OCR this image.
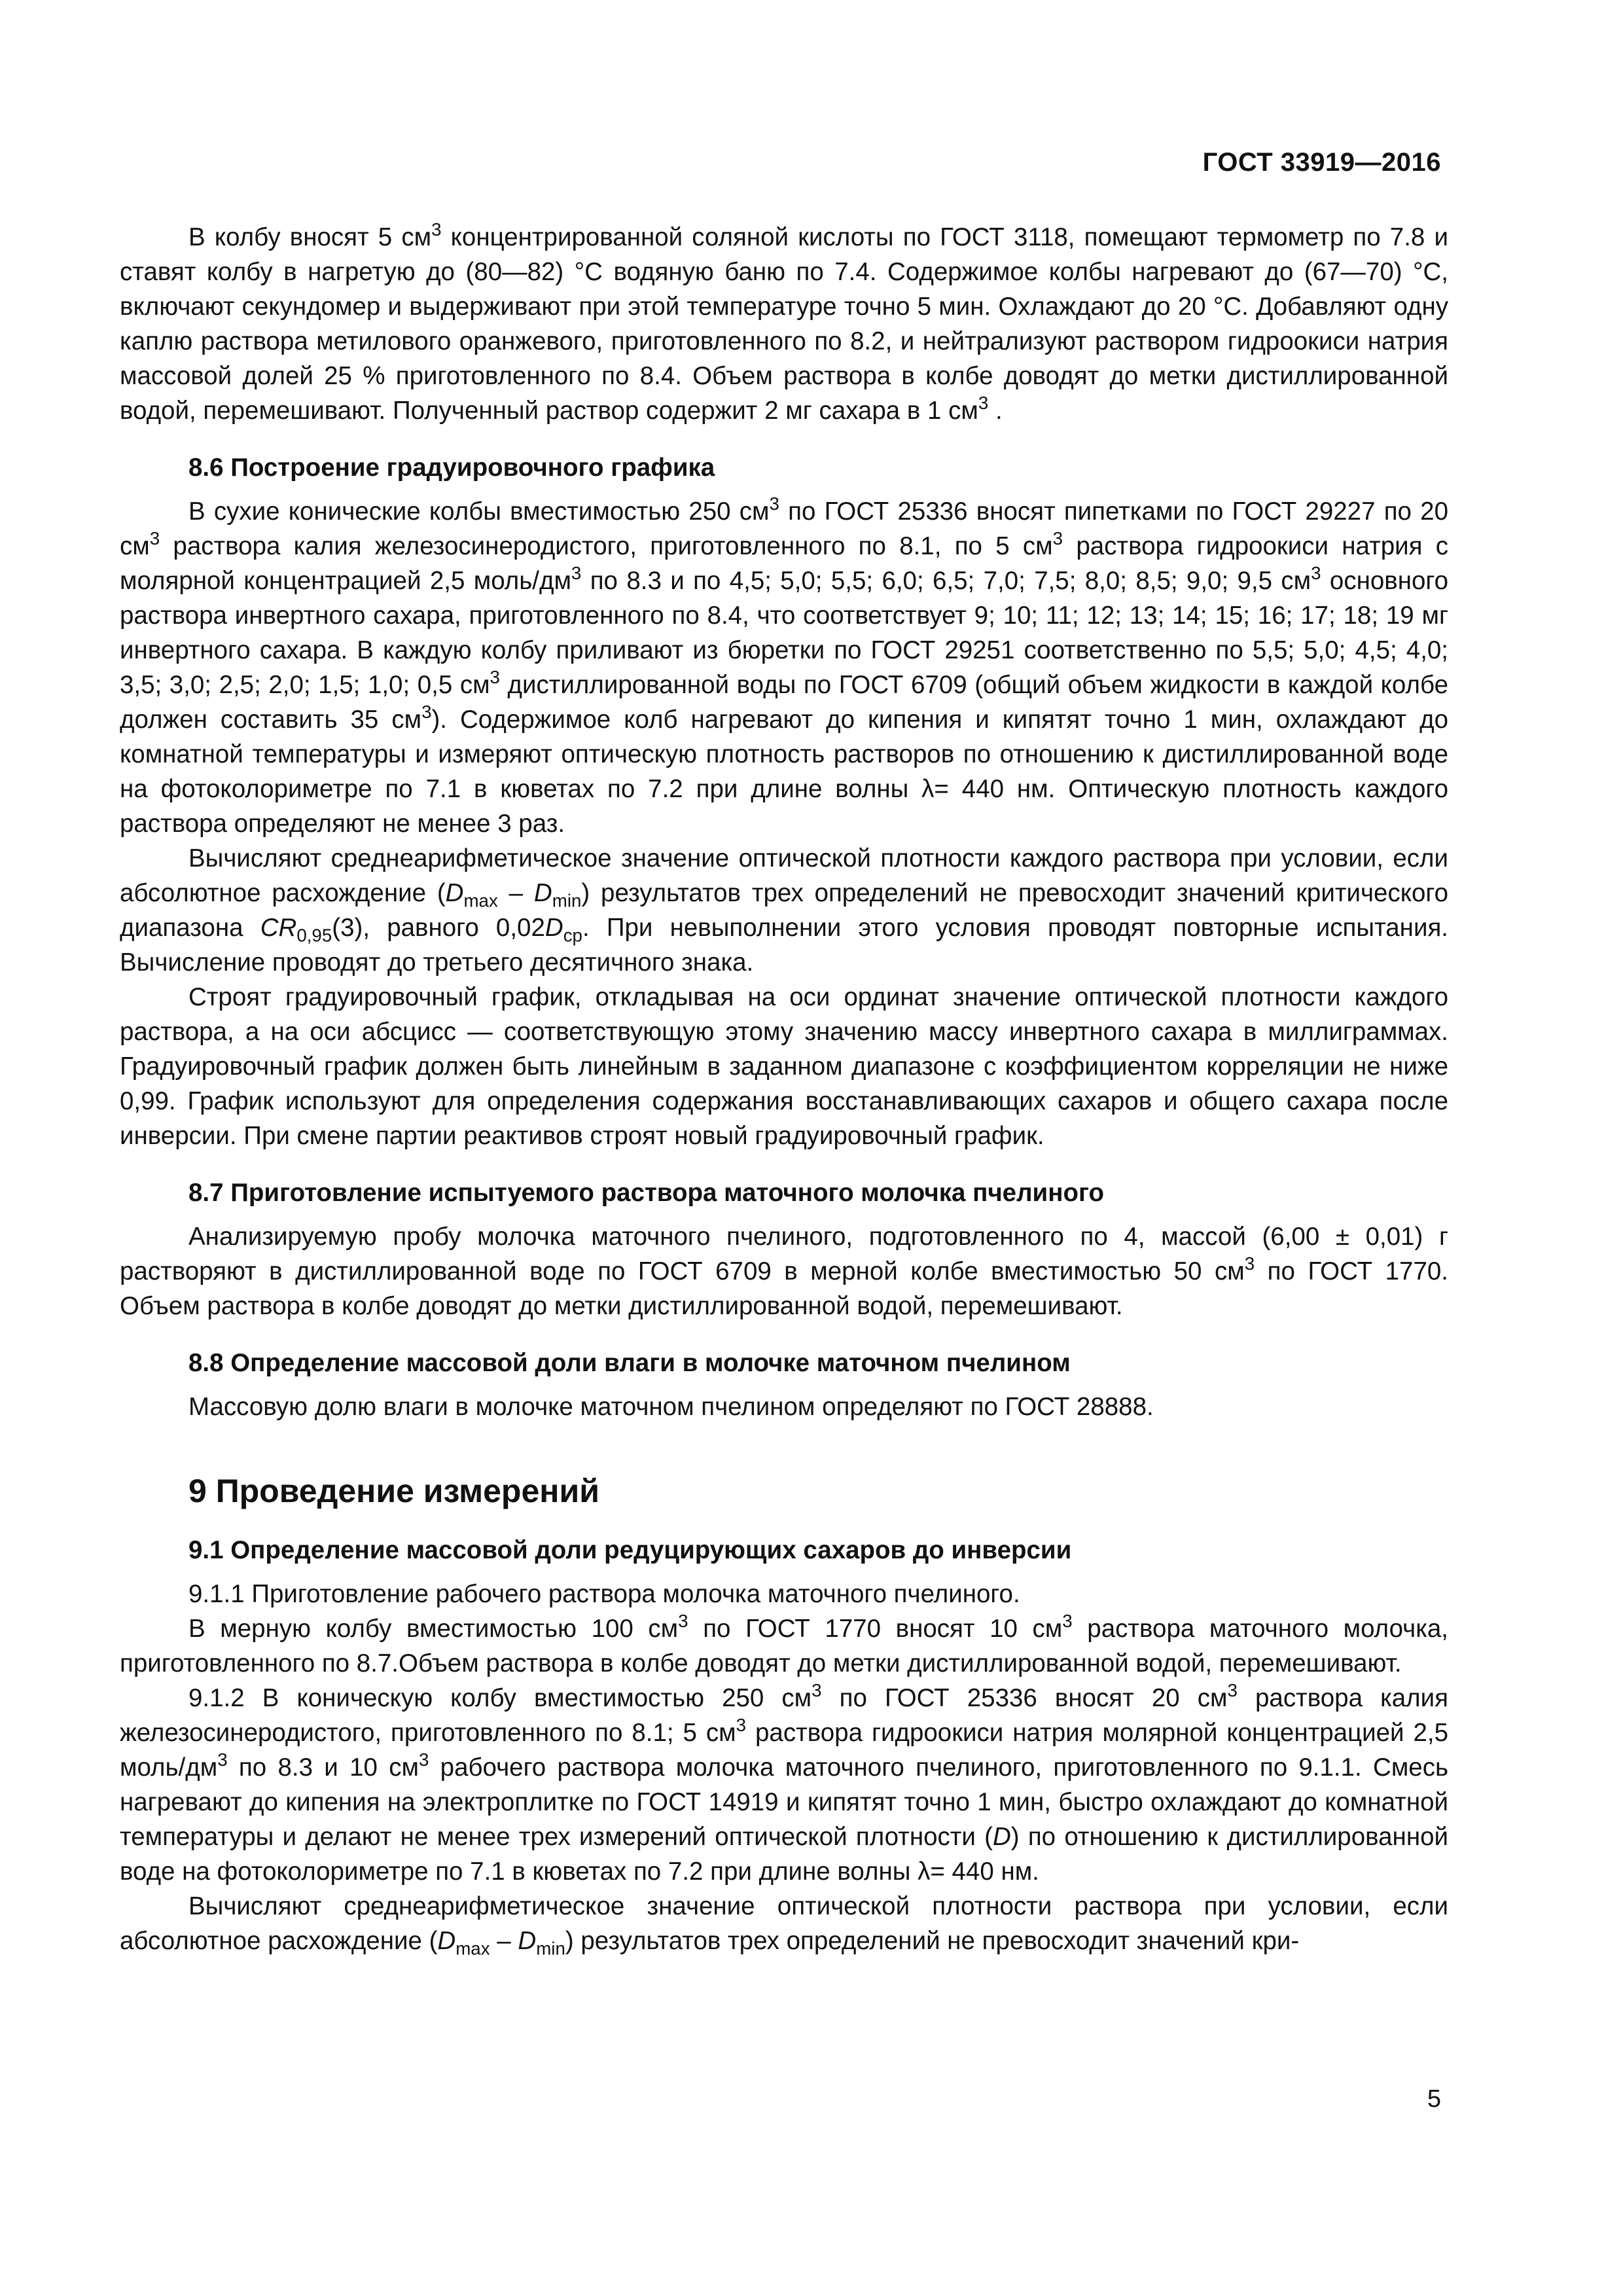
ГОСТ 33919—2016

В колбу вносят 5 $см^3$ концентрированной соляной кислоты по ГОСТ 3118, помещают термометр по 7.8 и ставят колбу в нагретую до (80—82) °С водяную баню по 7.4. Содержимое колбы нагревают до (67—70) °С, включают секундомер и выдерживают при этой температуре точно 5 мин. Охлаждают до 20 °С. Добавляют одну каплю раствора метилового оранжевого, приготовленного по 8.2, и нейтрализуют раствором гидроокиси натрия массовой долей 25 % приготовленного по 8.4. Объем раствора в колбе доводят до метки дистиллированной водой, перемешивают. Полученный раствор содержит 2 мг сахара в 1 $см^3$ .

8.6 Построение градуировочного графика

В сухие конические колбы вместимостью 250 $см^3$ по ГОСТ 25336 вносят пипетками по ГОСТ 29227 по 20 $см^3$ раствора калия железосинеродистого, приготовленного по 8.1, по 5 $см^3$ раствора гидроокиси натрия с молярной концентрацией 2,5 моль/$дм^3$ по 8.3 и по 4,5; 5,0; 5,5; 6,0; 6,5; 7,0; 7,5; 8,0; 8,5; 9,0; 9,5 $см^3$ основного раствора инвертного сахара, приготовленного по 8.4, что соответствует 9; 10; 11; 12; 13; 14; 15; 16; 17; 18; 19 мг инвертного сахара. В каждую колбу приливают из бюретки по ГОСТ 29251 соответственно по 5,5; 5,0; 4,5; 4,0; 3,5; 3,0; 2,5; 2,0; 1,5; 1,0; 0,5 $см^3$ дистиллированной воды по ГОСТ 6709 (общий объем жидкости в каждой колбе должен составить 35 $см^3$). Содержимое колб нагревают до кипения и кипятят точно 1 мин, охлаждают до комнатной температуры и измеряют оптическую плотность растворов по отношению к дистиллированной воде на фотоколориметре по 7.1 в кюветах по 7.2 при длине волны λ= 440 нм. Оптическую плотность каждого раствора определяют не менее 3 раз.

Вычисляют среднеарифметическое значение оптической плотности каждого раствора при условии, если абсолютное расхождение $(D_{max} - D_{min})$ результатов трех определений не превосходит значений критического диапазона $CR_{0,95}(3)$, равного $0,02D_{ср}$. При невыполнении этого условия проводят повторные испытания. Вычисление проводят до третьего десятичного знака.

Строят градуировочный график, откладывая на оси ординат значение оптической плотности каждого раствора, а на оси абсцисс — соответствующую этому значению массу инвертного сахара в миллиграммах. Градуировочный график должен быть линейным в заданном диапазоне с коэффициентом корреляции не ниже 0,99. График используют для определения содержания восстанавливающих сахаров и общего сахара после инверсии. При смене партии реактивов строят новый градуировочный график.

8.7 Приготовление испытуемого раствора маточного молочка пчелиного

Анализируемую пробу молочка маточного пчелиного, подготовленного по 4, массой (6,00 ± 0,01) г растворяют в дистиллированной воде по ГОСТ 6709 в мерной колбе вместимостью 50 $см^3$ по ГОСТ 1770. Объем раствора в колбе доводят до метки дистиллированной водой, перемешивают.

8.8 Определение массовой доли влаги в молочке маточном пчелином

Массовую долю влаги в молочке маточном пчелином определяют по ГОСТ 28888.

9 Проведение измерений
9.1 Определение массовой доли редуцирующих сахаров до инверсии

9.1.1 Приготовление рабочего раствора молочка маточного пчелиного.

В мерную колбу вместимостью 100 $см^3$ по ГОСТ 1770 вносят 10 $см^3$ раствора маточного молочка, приготовленного по 8.7.Объем раствора в колбе доводят до метки дистиллированной водой, перемешивают.

9.1.2 В коническую колбу вместимостью 250 $см^3$ по ГОСТ 25336 вносят 20 $см^3$ раствора калия железосинеродистого, приготовленного по 8.1; 5 $см^3$ раствора гидроокиси натрия молярной концентрацией 2,5 моль/$дм^3$ по 8.3 и 10 $см^3$ рабочего раствора молочка маточного пчелиного, приготовленного по 9.1.1. Смесь нагревают до кипения на электроплитке по ГОСТ 14919 и кипятят точно 1 мин, быстро охлаждают до комнатной температуры и делают не менее трех измерений оптической плотности (D) по отношению к дистиллированной воде на фотоколориметре по 7.1 в кюветах по 7.2 при длине волны λ= 440 нм.

Вычисляют среднеарифметическое значение оптической плотности раствора при условии, если абсолютное расхождение $(D_{max} - D_{min})$ результатов трех определений не превосходит значений кри-

5
